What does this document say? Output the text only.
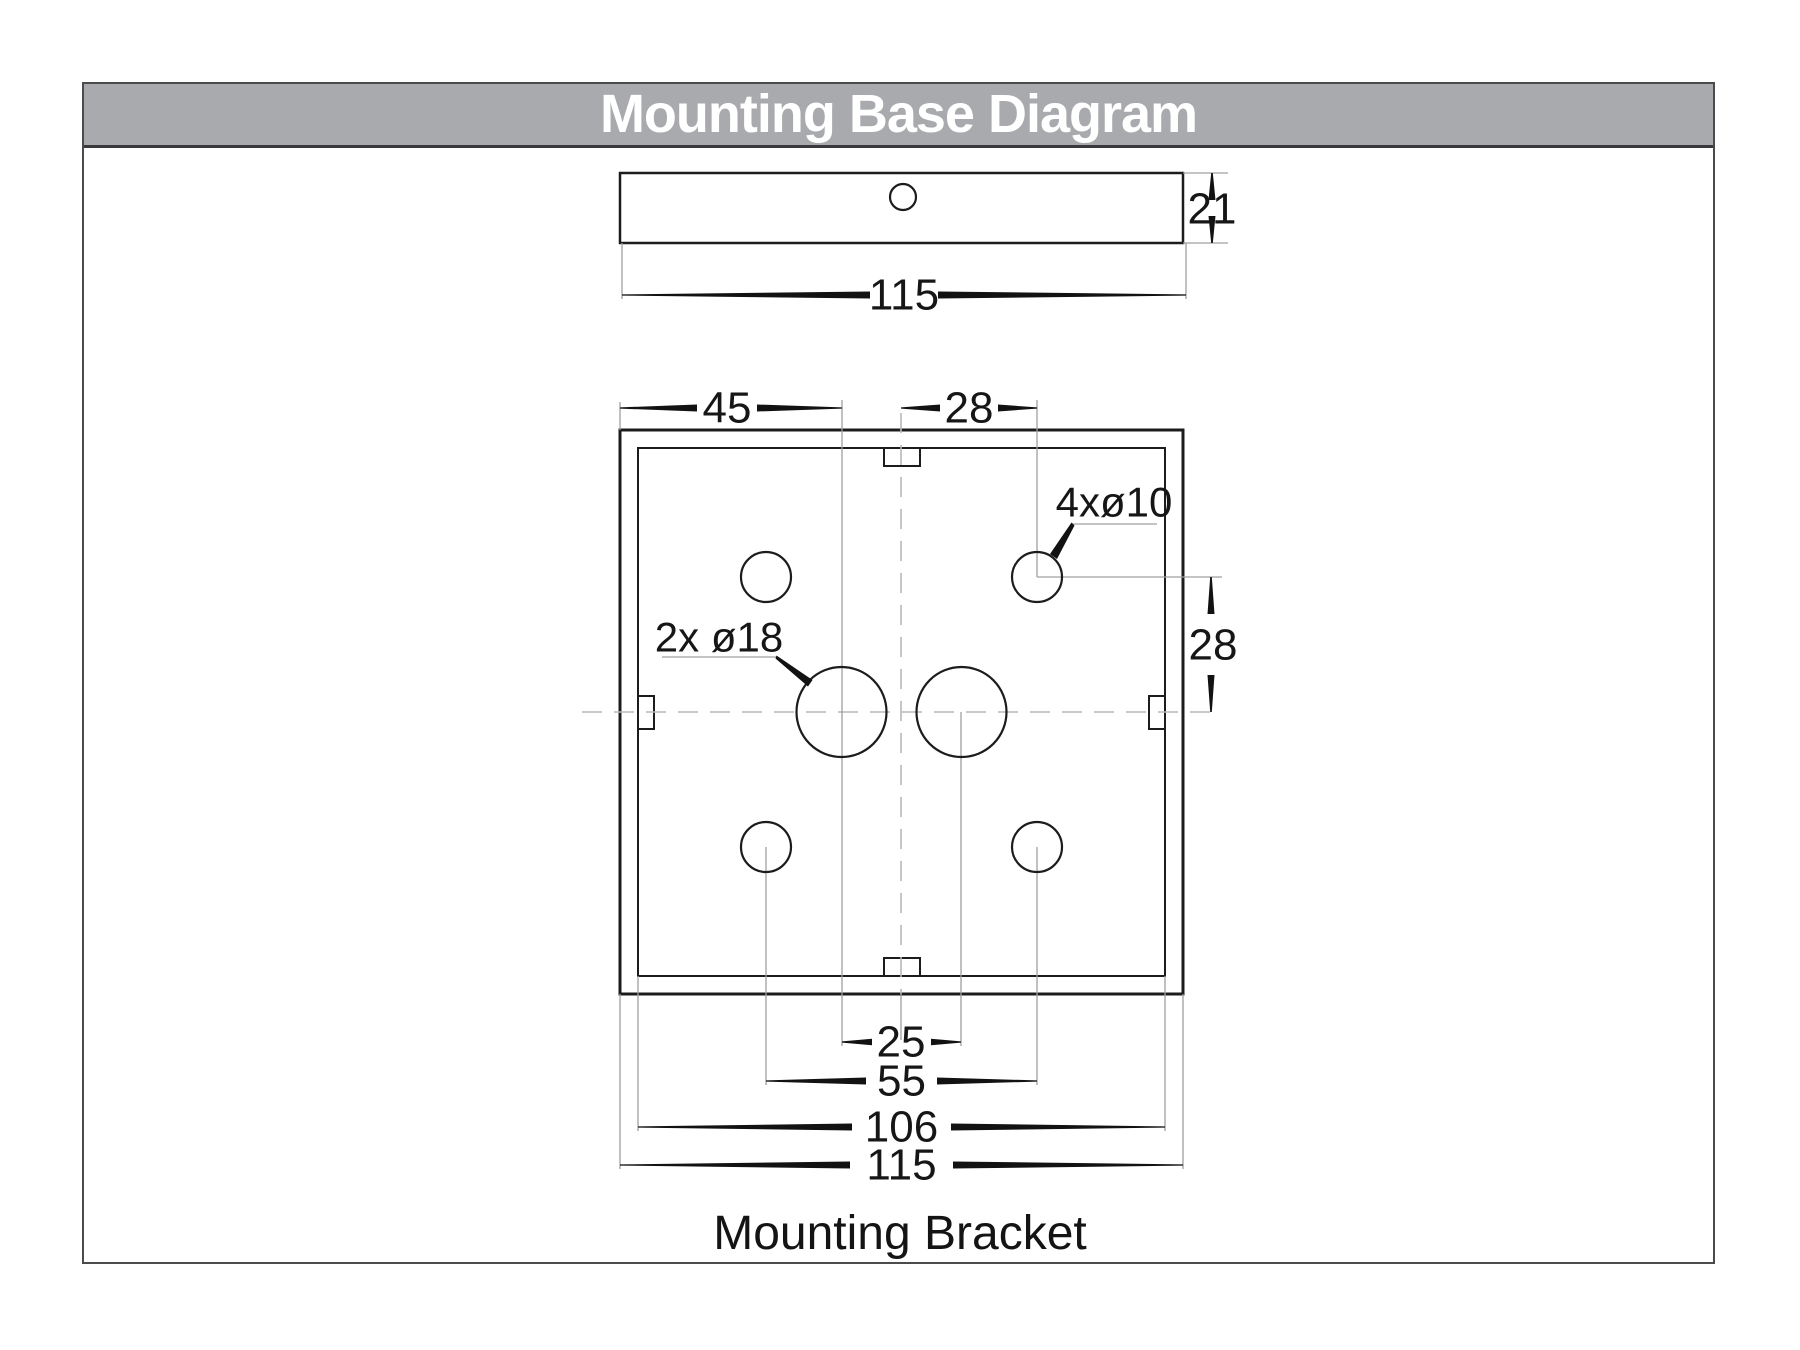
Mounting Base Diagram
Mounting Bracket
21
115
45	28
28
4xø10
2x ø18
25
55
106
115
